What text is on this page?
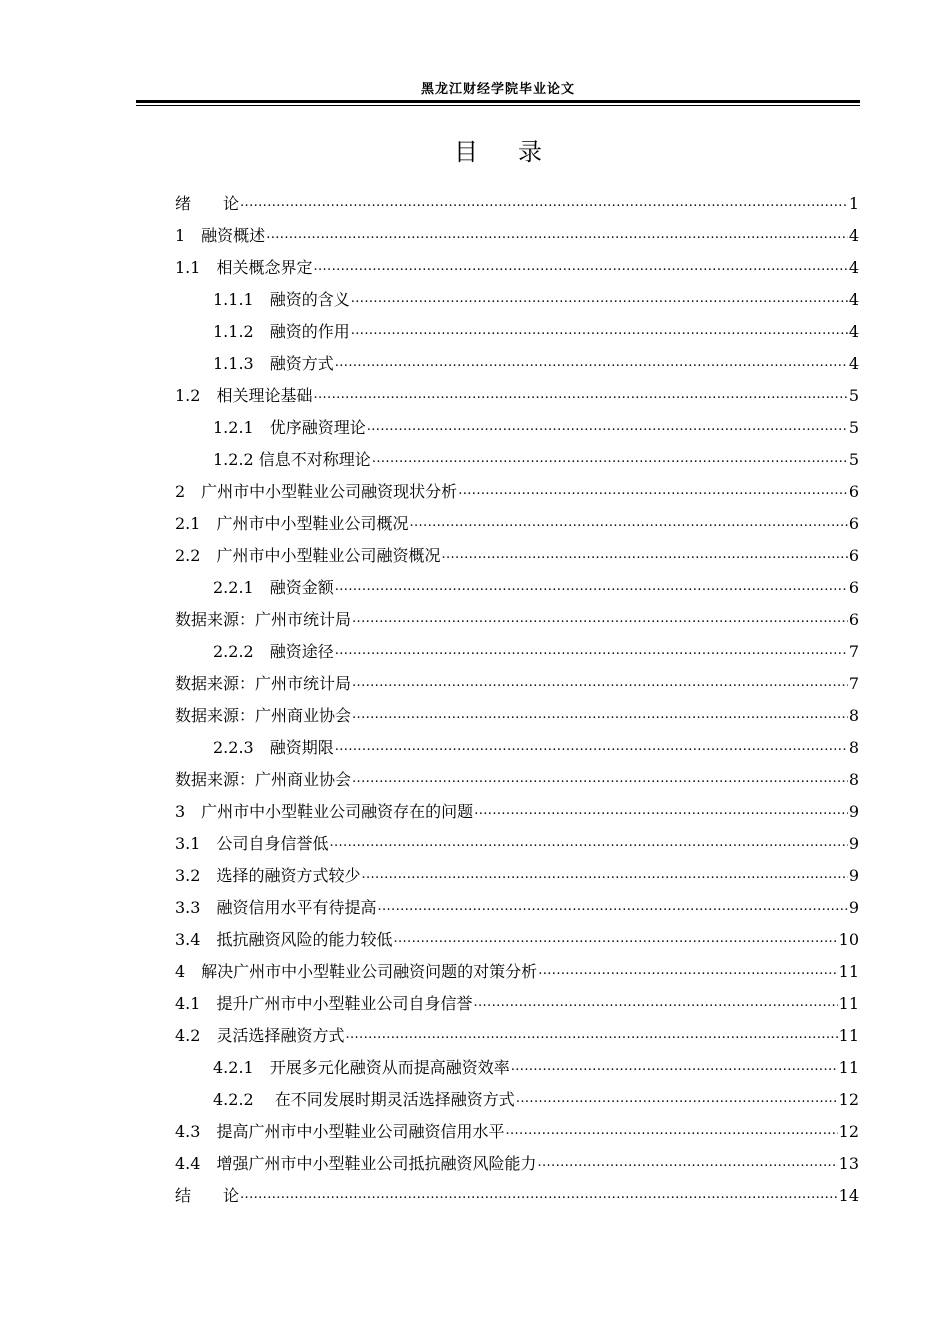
黑龙江财经学院毕业论文
目 录
绪　　论 .....	1
1　融资概述 .....	4
1.1　相关概念界定 .....	4
1.1.1　融资的含义 .....	4
1.1.2　融资的作用 .....	4
1.1.3　融资方式 .....	4
1.2　相关理论基础 .....	5
1.2.1　优序融资理论 .....	5
1.2.2 信息不对称理论 .....	5
2　广州市中小型鞋业公司融资现状分析 .....	6
2.1　广州市中小型鞋业公司概况 .....	6
2.2　广州市中小型鞋业公司融资概况 .....	6
2.2.1　融资金额 .....	6
数据来源：广州市统计局 .....	6
2.2.2　融资途径 .....	7
数据来源：广州市统计局 .....	7
数据来源：广州商业协会 .....	8
2.2.3　融资期限 .....	8
数据来源：广州商业协会 .....	8
3　广州市中小型鞋业公司融资存在的问题 .....	9
3.1　公司自身信誉低 .....	9
3.2　选择的融资方式较少 .....	9
3.3　融资信用水平有待提高 .....	9
3.4　抵抗融资风险的能力较低 .....	10
4　解决广州市中小型鞋业公司融资问题的对策分析 .....	11
4.1　提升广州市中小型鞋业公司自身信誉 .....	11
4.2　灵活选择融资方式 .....	11
4.2.1　开展多元化融资从而提高融资效率 .....	11
4.2.2　 在不同发展时期灵活选择融资方式 .....	12
4.3　提高广州市中小型鞋业公司融资信用水平 .....	12
4.4　增强广州市中小型鞋业公司抵抗融资风险能力 .....	13
结　　论 .....	14
